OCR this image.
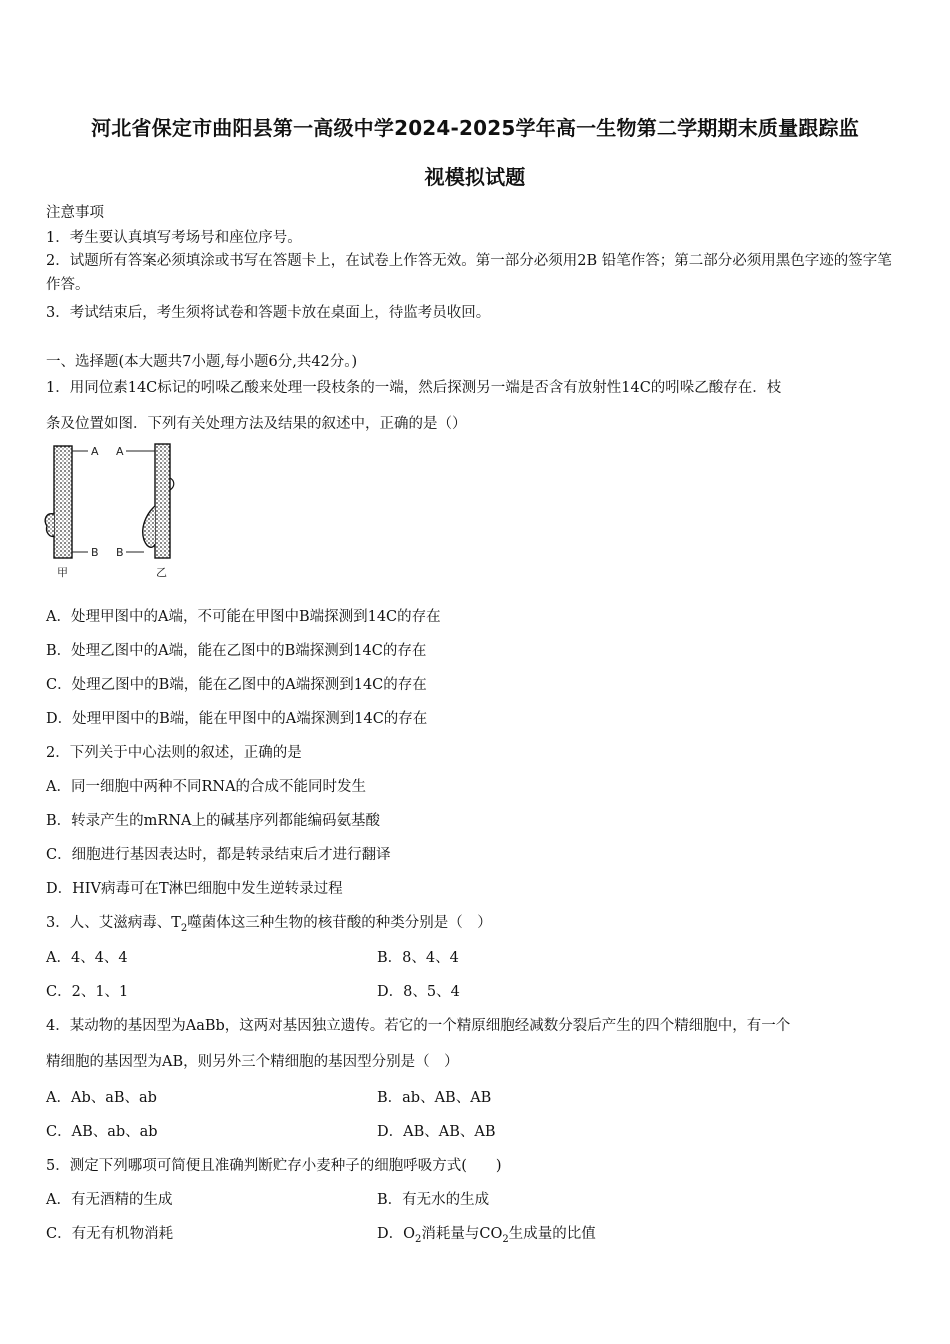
河北省保定市曲阳县第一高级中学2024-2025学年高一生物第二学期期末质量跟踪监
视模拟试题
注意事项
1．考生要认真填写考场号和座位序号。
2．试题所有答案必须填涂或书写在答题卡上，在试卷上作答无效。第一部分必须用2B 铅笔作答；第二部分必须用黑色字迹的签字笔作答。
3．考试结束后，考生须将试卷和答题卡放在桌面上，待监考员收回。
一、选择题(本大题共7小题,每小题6分,共42分。)
1．用同位素14C标记的吲哚乙酸来处理一段枝条的一端，然后探测另一端是否含有放射性14C的吲哚乙酸存在．枝
条及位置如图．下列有关处理方法及结果的叙述中，正确的是（）
A
B
甲
A
B
乙
A．处理甲图中的A端，不可能在甲图中B端探测到14C的存在
B．处理乙图中的A端，能在乙图中的B端探测到14C的存在
C．处理乙图中的B端，能在乙图中的A端探测到14C的存在
D．处理甲图中的B端，能在甲图中的A端探测到14C的存在
2．下列关于中心法则的叙述，正确的是
A．同一细胞中两种不同RNA的合成不能同时发生
B．转录产生的mRNA上的碱基序列都能编码氨基酸
C．细胞进行基因表达时，都是转录结束后才进行翻译
D．HIV病毒可在T淋巴细胞中发生逆转录过程
3．人、艾滋病毒、$T_2$噬菌体这三种生物的核苷酸的种类分别是（　）
A．4、4、4	B．8、4、4
C．2、1、1	D．8、5、4
4．某动物的基因型为AaBb，这两对基因独立遗传。若它的一个精原细胞经减数分裂后产生的四个精细胞中，有一个
精细胞的基因型为AB，则另外三个精细胞的基因型分别是（　）
A．Ab、aB、ab	B．ab、AB、AB
C．AB、ab、ab	D．AB、AB、AB
5．测定下列哪项可简便且准确判断贮存小麦种子的细胞呼吸方式(　　)
A．有无酒精的生成	B．有无水的生成
C．有无有机物消耗	D．$O_2$消耗量与$CO_2$生成量的比值
